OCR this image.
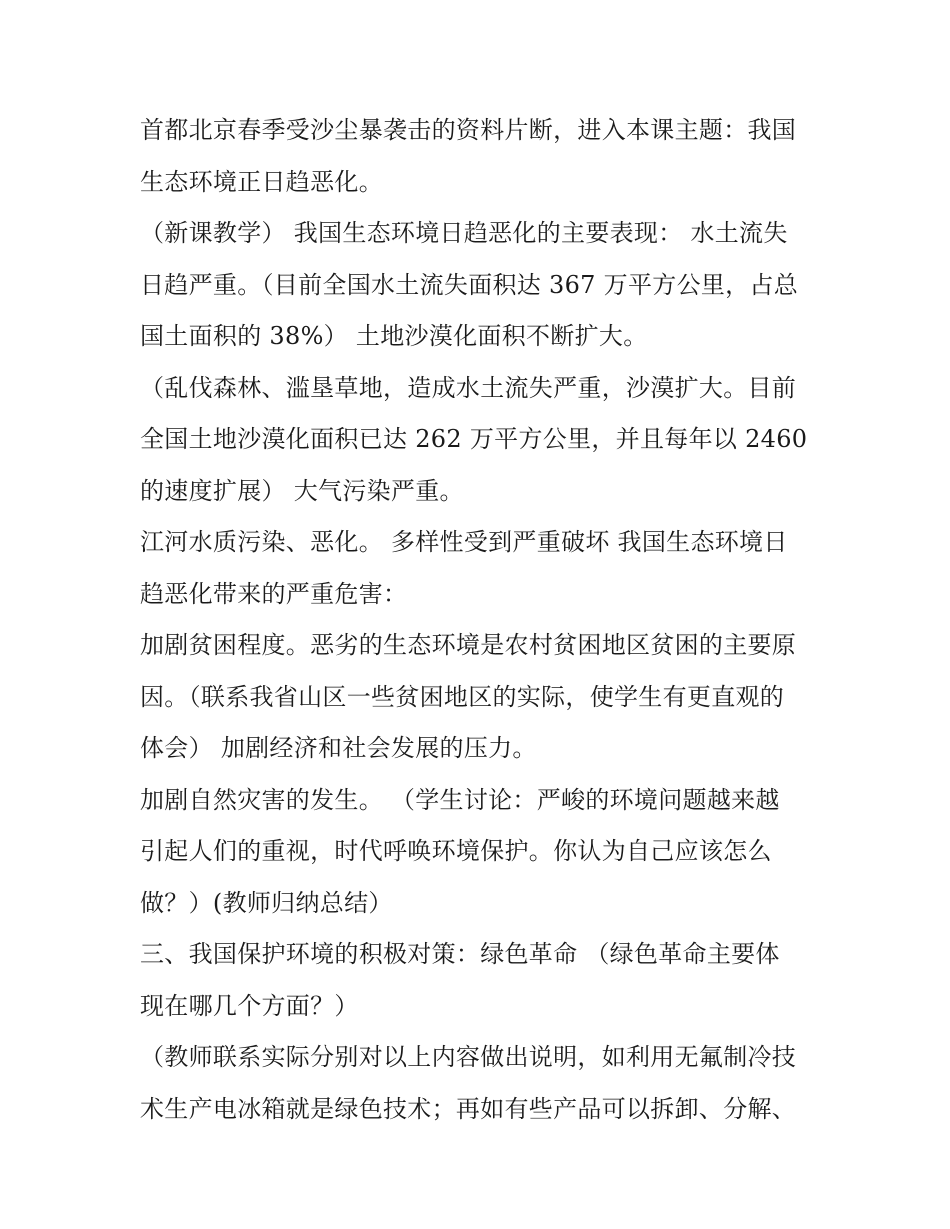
首都北京春季受沙尘暴袭击的资料片断，进入本课主题：我国
生态环境正日趋恶化。
（新课教学） 我国生态环境日趋恶化的主要表现： 水土流失
日趋严重。（目前全国水土流失面积达 367 万平方公里，占总
国土面积的 38%） 土地沙漠化面积不断扩大。
（乱伐森林、滥垦草地，造成水土流失严重，沙漠扩大。目前
全国土地沙漠化面积已达 262 万平方公里，并且每年以 2460
的速度扩展） 大气污染严重。
江河水质污染、恶化。 多样性受到严重破坏 我国生态环境日
趋恶化带来的严重危害：
加剧贫困程度。恶劣的生态环境是农村贫困地区贫困的主要原
因。（联系我省山区一些贫困地区的实际，使学生有更直观的
体会） 加剧经济和社会发展的压力。
加剧自然灾害的发生。 （学生讨论：严峻的环境问题越来越
引起人们的重视，时代呼唤环境保护。你认为自己应该怎么
做？）(教师归纳总结）
三、我国保护环境的积极对策：绿色革命 （绿色革命主要体
现在哪几个方面？）
（教师联系实际分别对以上内容做出说明，如利用无氟制冷技
术生产电冰箱就是绿色技术；再如有些产品可以拆卸、分解、
